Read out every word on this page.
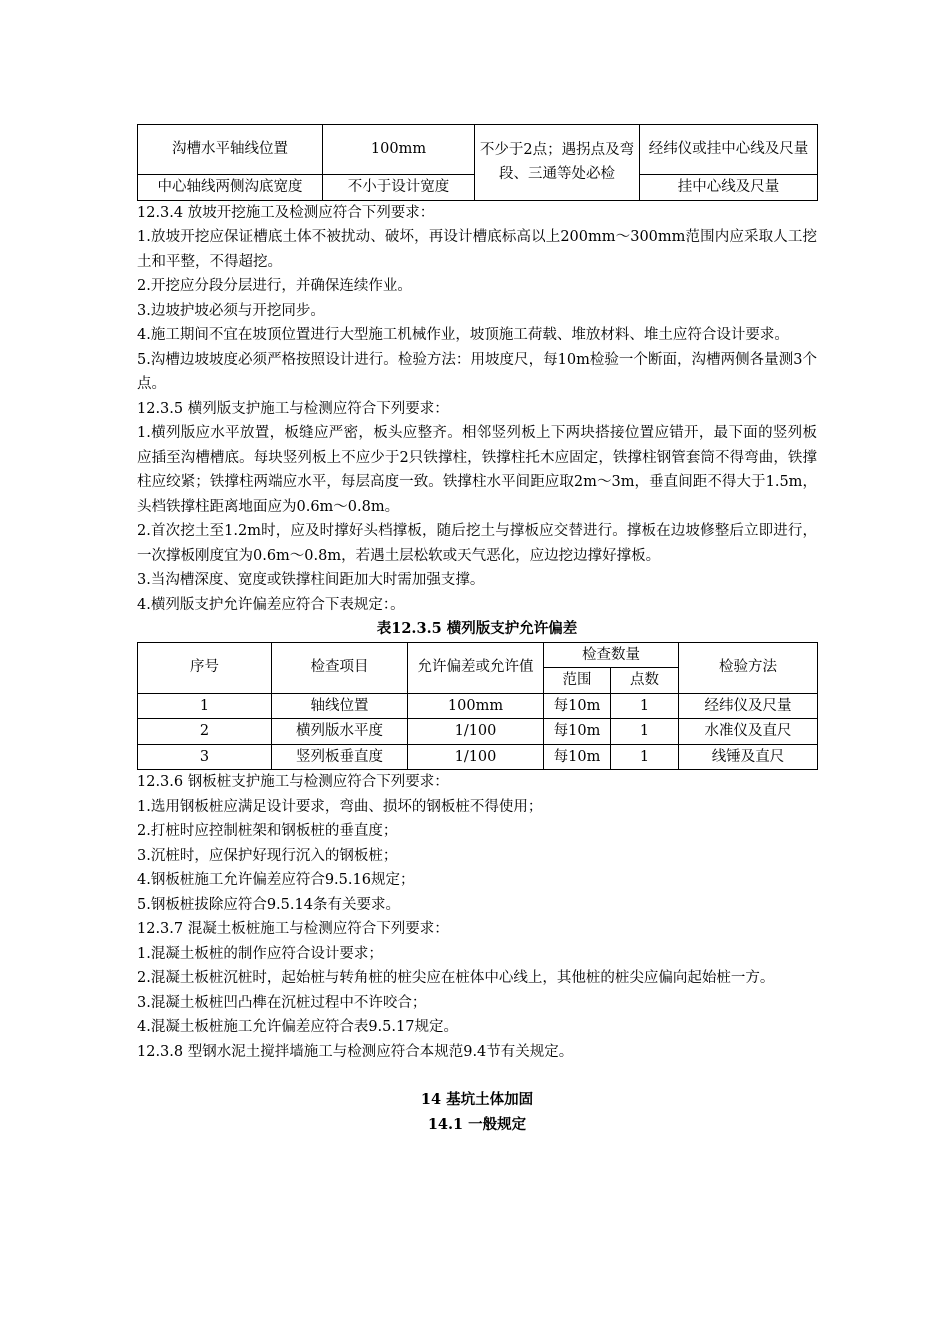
沟槽水平轴线位置	100mm	不少于2点；遇拐点及弯段、三通等处必检	经纬仪或挂中心线及尺量
中心轴线两侧沟底宽度	不小于设计宽度		挂中心线及尺量

12.3.4 放坡开挖施工及检测应符合下列要求：

1.放坡开挖应保证槽底土体不被扰动、破坏，再设计槽底标高以上200mm～300mm范围内应采取人工挖土和平整，不得超挖。

2.开挖应分段分层进行，并确保连续作业。

3.边坡护坡必须与开挖同步。

4.施工期间不宜在坡顶位置进行大型施工机械作业，坡顶施工荷载、堆放材料、堆土应符合设计要求。

5.沟槽边坡坡度必须严格按照设计进行。检验方法：用坡度尺，每10m检验一个断面，沟槽两侧各量测3个点。

12.3.5 横列版支护施工与检测应符合下列要求：

1.横列版应水平放置，板缝应严密，板头应整齐。相邻竖列板上下两块搭接位置应错开，最下面的竖列板应插至沟槽槽底。每块竖列板上不应少于2只铁撑柱，铁撑柱托木应固定，铁撑柱钢管套筒不得弯曲，铁撑柱应绞紧；铁撑柱两端应水平，每层高度一致。铁撑柱水平间距应取2m～3m，垂直间距不得大于1.5m，头档铁撑柱距离地面应为0.6m～0.8m。

2.首次挖土至1.2m时，应及时撑好头档撑板，随后挖土与撑板应交替进行。撑板在边坡修整后立即进行，一次撑板刚度宜为0.6m～0.8m，若遇土层松软或天气恶化，应边挖边撑好撑板。

3.当沟槽深度、宽度或铁撑柱间距加大时需加强支撑。

4.横列版支护允许偏差应符合下表规定：。

表12.3.5 横列版支护允许偏差

序号	检查项目	允许偏差或允许值	检查数量		检验方法
			范围	点数	
1	轴线位置	100mm	每10m	1	经纬仪及尺量
2	横列版水平度	1/100	每10m	1	水准仪及直尺
3	竖列板垂直度	1/100	每10m	1	线锤及直尺

12.3.6 钢板桩支护施工与检测应符合下列要求：

1.选用钢板桩应满足设计要求，弯曲、损坏的钢板桩不得使用；

2.打桩时应控制桩架和钢板桩的垂直度；

3.沉桩时，应保护好现行沉入的钢板桩；

4.钢板桩施工允许偏差应符合9.5.16规定；

5.钢板桩拔除应符合9.5.14条有关要求。

12.3.7 混凝土板桩施工与检测应符合下列要求：

1.混凝土板桩的制作应符合设计要求；

2.混凝土板桩沉桩时，起始桩与转角桩的桩尖应在桩体中心线上，其他桩的桩尖应偏向起始桩一方。

3.混凝土板桩凹凸榫在沉桩过程中不许咬合；

4.混凝土板桩施工允许偏差应符合表9.5.17规定。

12.3.8 型钢水泥土搅拌墙施工与检测应符合本规范9.4节有关规定。

14 基坑土体加固

14.1 一般规定
